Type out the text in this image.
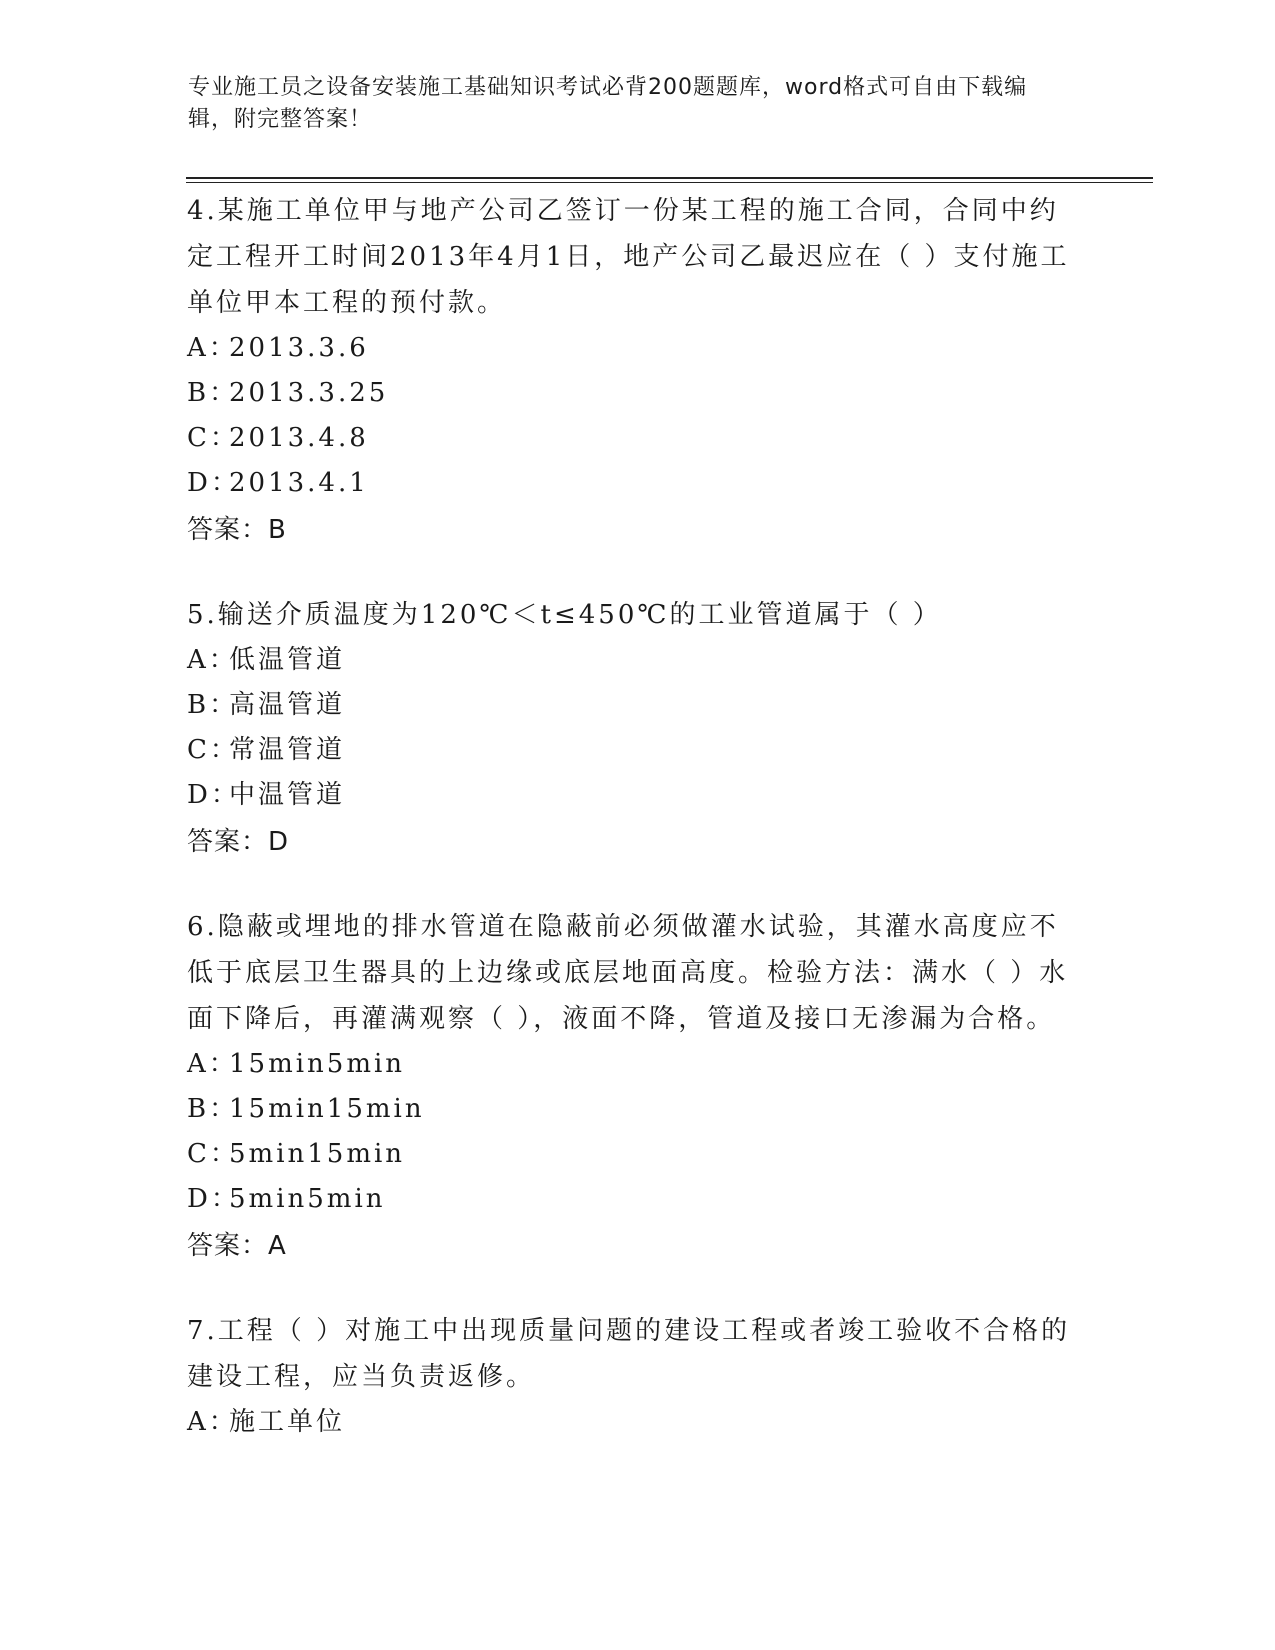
专业施工员之设备安装施工基础知识考试必背200题题库，word格式可自由下载编辑，附完整答案！

4.某施工单位甲与地产公司乙签订一份某工程的施工合同，合同中约定工程开工时间2013年4月1日，地产公司乙最迟应在（ ）支付施工单位甲本工程的预付款。

A：2013.3.6

B：2013.3.25

C：2013.4.8

D：2013.4.1

答案：B

5.输送介质温度为120℃＜t≤450℃的工业管道属于（ ）

A：低温管道

B：高温管道

C：常温管道

D：中温管道

答案：D

6.隐蔽或埋地的排水管道在隐蔽前必须做灌水试验，其灌水高度应不低于底层卫生器具的上边缘或底层地面高度。检验方法：满水（ ）水面下降后，再灌满观察（ ），液面不降，管道及接口无渗漏为合格。

A：15min5min

B：15min15min

C：5min15min

D：5min5min

答案：A

7.工程（ ）对施工中出现质量问题的建设工程或者竣工验收不合格的建设工程，应当负责返修。

A：施工单位
